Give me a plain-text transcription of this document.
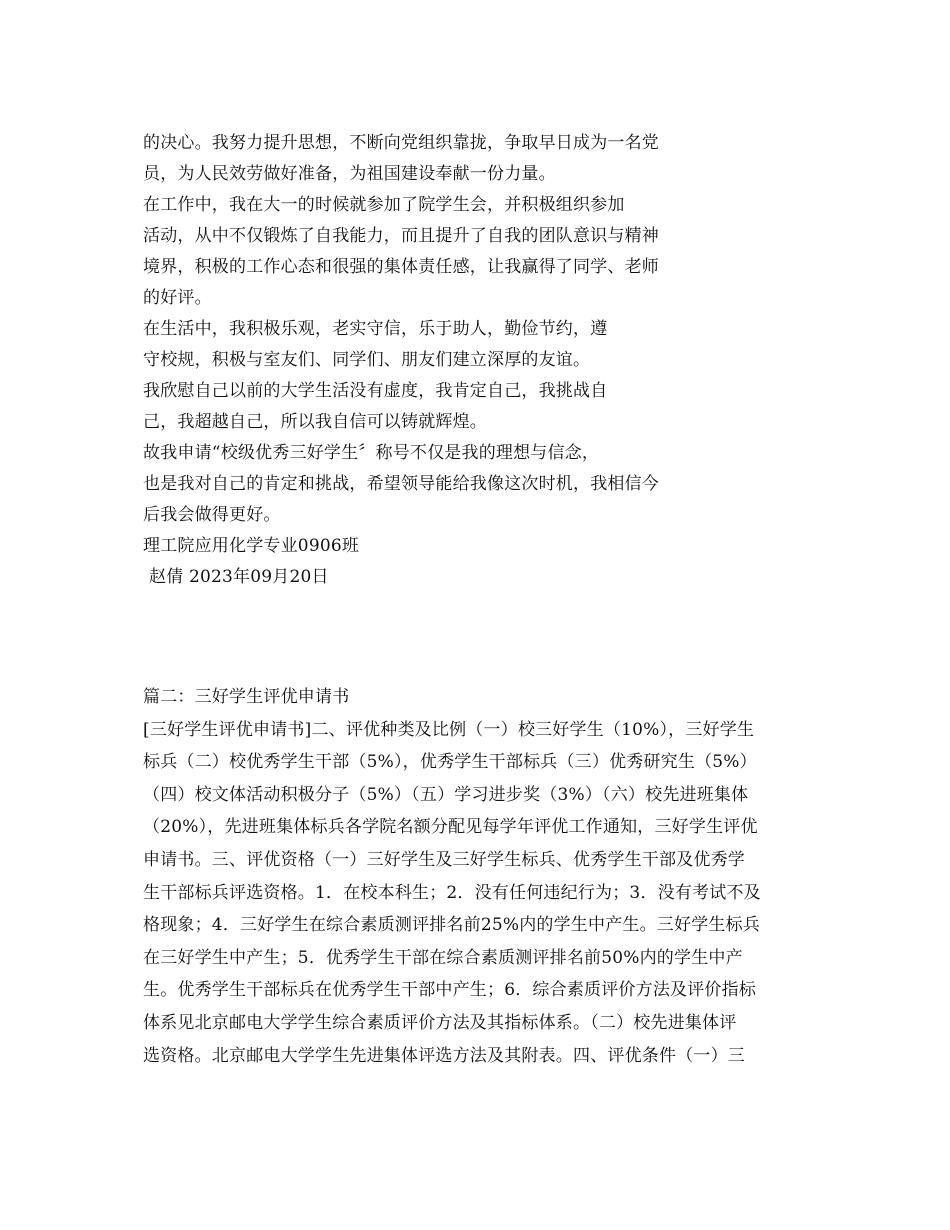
的决心。我努力提升思想，不断向党组织靠拢，争取早日成为一名党
员，为人民效劳做好准备，为祖国建设奉献一份力量。
在工作中，我在大一的时候就参加了院学生会，并积极组织参加
活动，从中不仅锻炼了自我能力，而且提升了自我的团队意识与精神
境界，积极的工作心态和很强的集体责任感，让我赢得了同学、老师
的好评。
在生活中，我积极乐观，老实守信，乐于助人，勤俭节约，遵
守校规，积极与室友们、同学们、朋友们建立深厚的友谊。
我欣慰自己以前的大学生活没有虚度，我肯定自己，我挑战自
己，我超越自己，所以我自信可以铸就辉煌。
故我申请“校级优秀三好学生〞称号不仅是我的理想与信念，
也是我对自己的肯定和挑战，希望领导能给我像这次时机，我相信今
后我会做得更好。
理工院应用化学专业0906班
赵倩 2023年09月20日
篇二：三好学生评优申请书
[三好学生评优申请书]二、评优种类及比例（一）校三好学生（10%），三好学生
标兵（二）校优秀学生干部（5%），优秀学生干部标兵（三）优秀研究生（5%）
（四）校文体活动积极分子（5%）（五）学习进步奖（3%）（六）校先进班集体
（20%），先进班集体标兵各学院名额分配见每学年评优工作通知，三好学生评优
申请书。三、评优资格（一）三好学生及三好学生标兵、优秀学生干部及优秀学
生干部标兵评选资格。1．在校本科生；2．没有任何违纪行为；3．没有考试不及
格现象；4．三好学生在综合素质测评排名前25%内的学生中产生。三好学生标兵
在三好学生中产生；5．优秀学生干部在综合素质测评排名前50%内的学生中产
生。优秀学生干部标兵在优秀学生干部中产生；6．综合素质评价方法及评价指标
体系见北京邮电大学学生综合素质评价方法及其指标体系。（二）校先进集体评
选资格。北京邮电大学学生先进集体评选方法及其附表。四、评优条件（一）三
